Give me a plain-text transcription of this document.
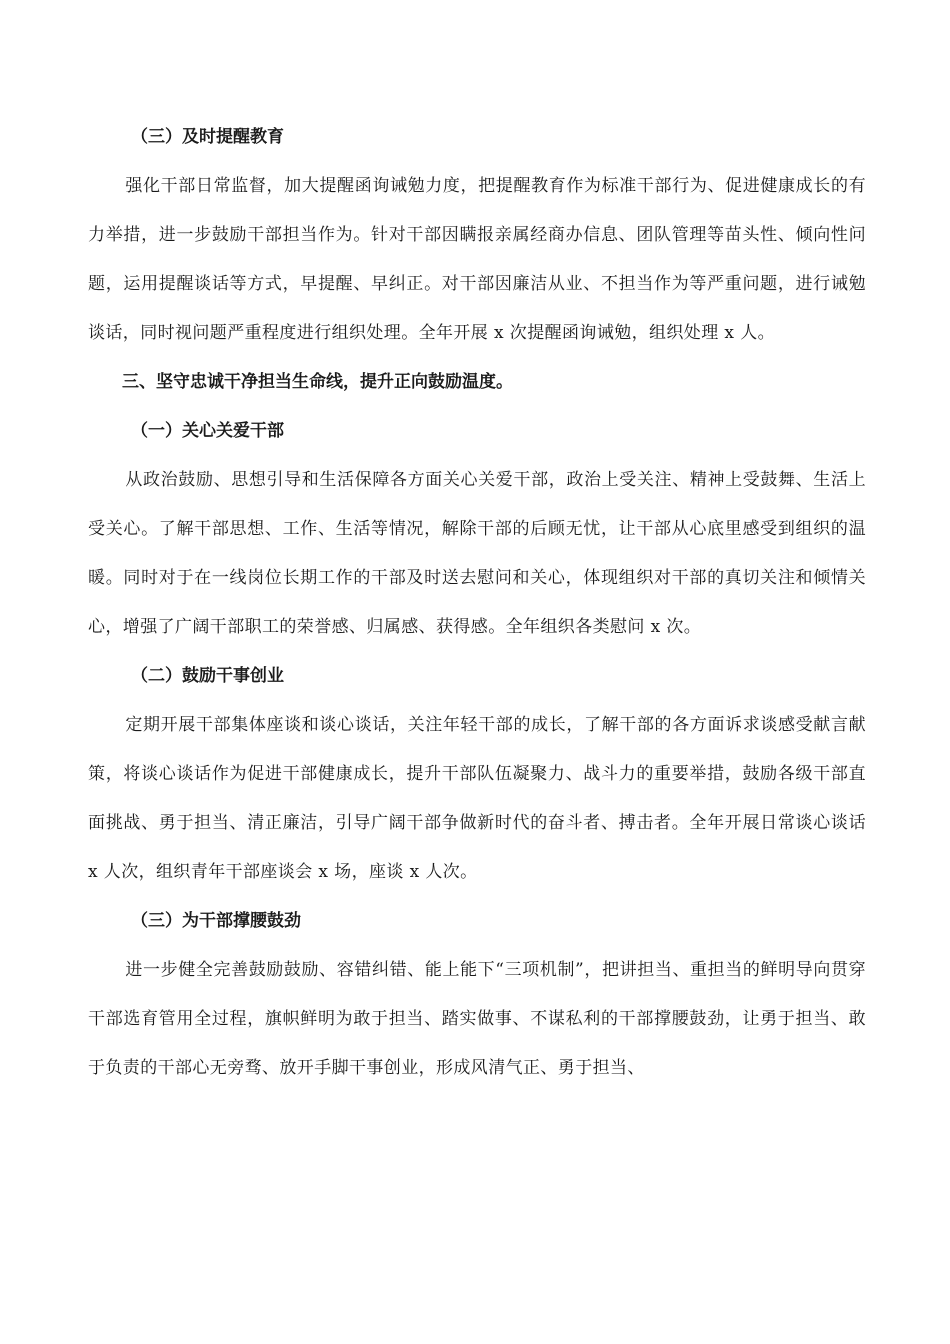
（三）及时提醒教育

强化干部日常监督，加大提醒函询诫勉力度，把提醒教育作为标准干部行为、促进健康成长的有力举措，进一步鼓励干部担当作为。针对干部因瞒报亲属经商办信息、团队管理等苗头性、倾向性问题，运用提醒谈话等方式，早提醒、早纠正。对干部因廉洁从业、不担当作为等严重问题，进行诫勉谈话，同时视问题严重程度进行组织处理。全年开展 x 次提醒函询诫勉，组织处理 x 人。

三、坚守忠诚干净担当生命线，提升正向鼓励温度。
（一）关心关爱干部

从政治鼓励、思想引导和生活保障各方面关心关爱干部，政治上受关注、精神上受鼓舞、生活上受关心。了解干部思想、工作、生活等情况，解除干部的后顾无忧，让干部从心底里感受到组织的温暖。同时对于在一线岗位长期工作的干部及时送去慰问和关心，体现组织对干部的真切关注和倾情关心，增强了广阔干部职工的荣誉感、归属感、获得感。全年组织各类慰问 x 次。

（二）鼓励干事创业

定期开展干部集体座谈和谈心谈话，关注年轻干部的成长，了解干部的各方面诉求谈感受献言献策，将谈心谈话作为促进干部健康成长，提升干部队伍凝聚力、战斗力的重要举措，鼓励各级干部直面挑战、勇于担当、清正廉洁，引导广阔干部争做新时代的奋斗者、搏击者。全年开展日常谈心谈话 x 人次，组织青年干部座谈会 x 场，座谈 x 人次。

（三）为干部撑腰鼓劲

进一步健全完善鼓励鼓励、容错纠错、能上能下“三项机制”，把讲担当、重担当的鲜明导向贯穿干部选育管用全过程，旗帜鲜明为敢于担当、踏实做事、不谋私利的干部撑腰鼓劲，让勇于担当、敢于负责的干部心无旁骛、放开手脚干事创业，形成风清气正、勇于担当、
